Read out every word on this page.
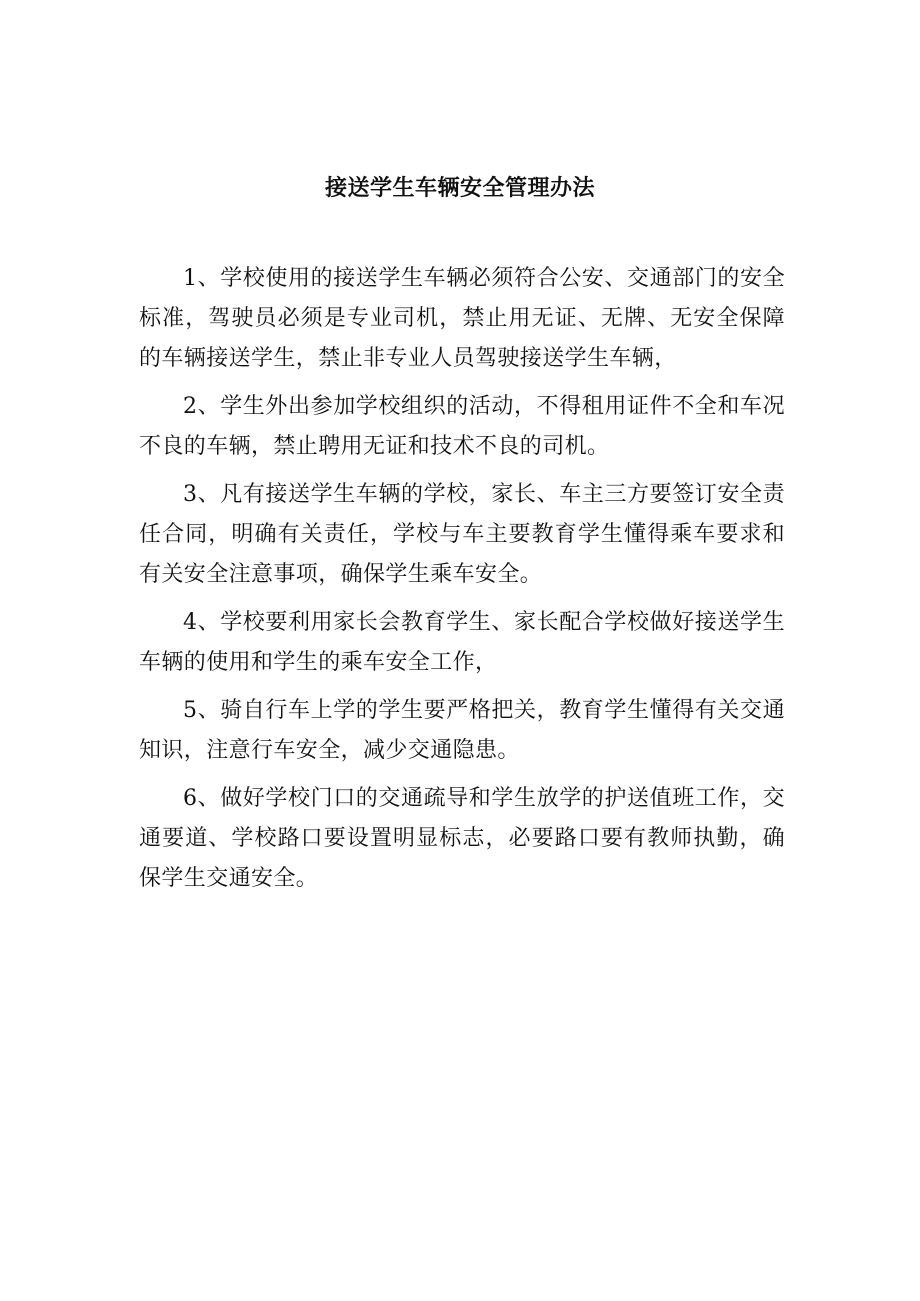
接送学生车辆安全管理办法

1、学校使用的接送学生车辆必须符合公安、交通部门的安全标准，驾驶员必须是专业司机，禁止用无证、无牌、无安全保障的车辆接送学生，禁止非专业人员驾驶接送学生车辆，

2、学生外出参加学校组织的活动，不得租用证件不全和车况不良的车辆，禁止聘用无证和技术不良的司机。

3、凡有接送学生车辆的学校，家长、车主三方要签订安全责任合同，明确有关责任，学校与车主要教育学生懂得乘车要求和有关安全注意事项，确保学生乘车安全。

4、学校要利用家长会教育学生、家长配合学校做好接送学生车辆的使用和学生的乘车安全工作，

5、骑自行车上学的学生要严格把关，教育学生懂得有关交通知识，注意行车安全，减少交通隐患。

6、做好学校门口的交通疏导和学生放学的护送值班工作，交通要道、学校路口要设置明显标志，必要路口要有教师执勤，确保学生交通安全。
